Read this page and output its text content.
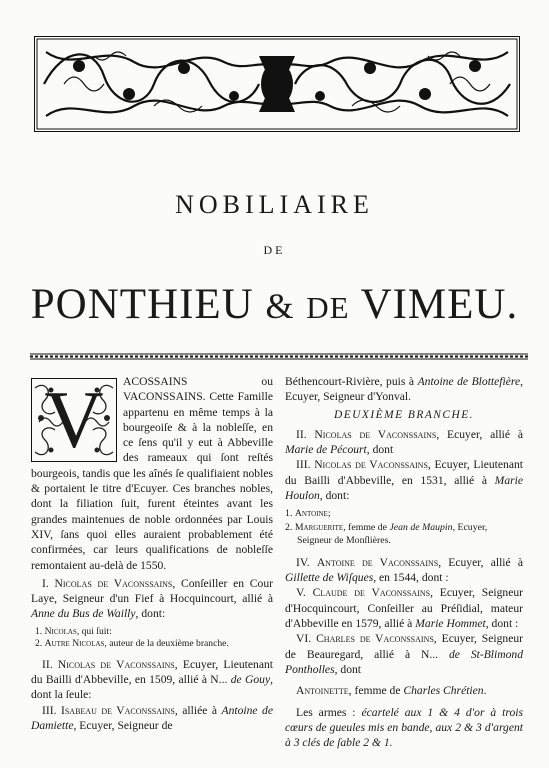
NOBILIAIRE
DE
PONTHIEU & DE VIMEU.
V	ACOSSAINS ou VACONSSAINS. Cette Famille appartenu en même temps à la bourgeoiſe & à la nobleſſe, en ce ſens qu'il y eut à Abbeville des rameaux qui ſont reſtés bourgeois, tandis que les aînés ſe qualifiaient nobles & portaient le titre d'Ecuyer. Ces branches nobles, dont la filiation ſuit, furent éteintes avant les grandes maintenues de noble ordonnées par Louis XIV, ſans quoi elles auraient probablement été confirmées, car leurs qualifications de nobleſſe remontaient au-delà de 1550.

I. Nicolas de Vaconssains, Conſeiller en Cour Laye, Seigneur d'un Fief à Hocquincourt, allié à Anne du Bus de Wailly, dont:

1. Nicolas, qui ſuit:
2. Autre Nicolas, auteur de la deuxième branche.

II. Nicolas de Vaconssains, Ecuyer, Lieutenant du Bailli d'Abbeville, en 1509, allié à N... de Gouy, dont la ſeule:

III. Isabeau de Vaconssains, alliée à Antoine de Damiette, Ecuyer, Seigneur de

Béthencourt-Rivière, puis à Antoine de Blottefière, Ecuyer, Seigneur d'Yonval.

DEUXIÈME BRANCHE.

II. Nicolas de Vaconssains, Ecuyer, allié à Marie de Pécourt, dont

III. Nicolas de Vaconssains, Ecuyer, Lieutenant du Bailli d'Abbeville, en 1531, allié à Marie Houlon, dont:

1. Antoine;
2. Marguerite, femme de Jean de Maupin, Ecuyer, Seigneur de Monſlières.

IV. Antoine de Vaconssains, Ecuyer, allié à Gillette de Wiſques, en 1544, dont :

V. Claude de Vaconssains, Ecuyer, Seigneur d'Hocquincourt, Conſeiller au Préſidial, mateur d'Abbeville en 1579, allié à Marie Hommet, dont :

VI. Charles de Vaconssains, Ecuyer, Seigneur de Beauregard, allié à N... de St-Blimond Pontholles, dont

Antoinette, femme de Charles Chrétien.

Les armes : écartelé aux 1 & 4 d'or à trois cœurs de gueules mis en bande, aux 2 & 3 d'argent à 3 clés de ſable 2 & 1.
